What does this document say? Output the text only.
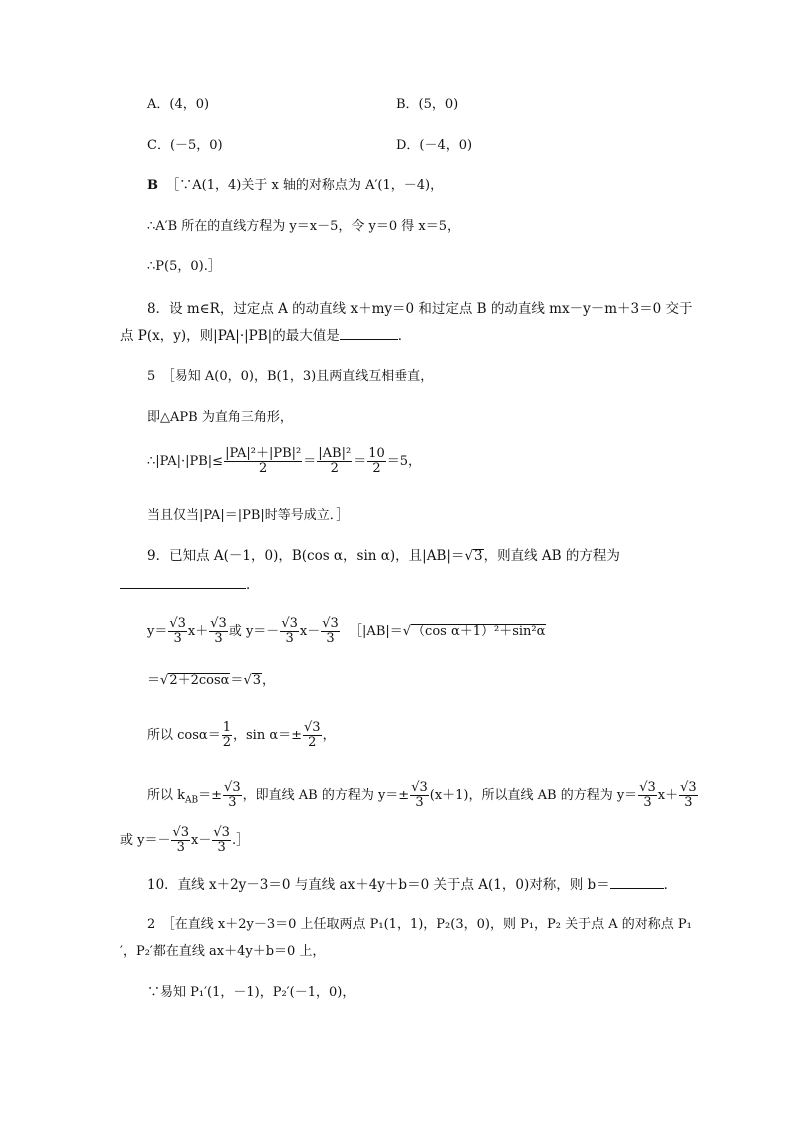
A．(4，0)	B．(5，0)
C．(－5，0)	D．(－4，0)
B ［∵A(1，4)关于 x 轴的对称点为 A′(1，－4)，
∴A′B 所在的直线方程为 y＝x－5，令 y＝0 得 x＝5，
∴P(5，0).］
8．设 m∈R，过定点 A 的动直线 x＋my＝0 和过定点 B 的动直线 mx－y－m＋3＝0 交于
点 P(x，y)，则|PA|·|PB|的最大值是	．
5　［易知 A(0，0)，B(1，3)且两直线互相垂直，
即△APB 为直角三角形，
∴|PA|·|PB|≤ $\frac{\text{|PA|²＋|PB|²}}{2} = \frac{\text{|AB|²}}{2} = \frac{10}{2} =5$，
当且仅当|PA|＝|PB|时等号成立．］
9．已知点 A(－1，0)，B(cos α，sin α)，且|AB|＝√3，则直线 AB 的方程为
．
$y= \frac{√3}{3} x+ \frac{√3}{3}$ 或 $y=- \frac{√3}{3} x- \frac{√3}{3}$ ［|AB|＝√（cos α＋1）²＋sin²α
＝√2＋2cosα＝√3，
所以 $\cos\alpha= \frac{1}{2}$ ，$\sin \alpha=\pm \frac{√3}{2}$ ，
所以 $k_{AB}=\pm \frac{√3}{3}$ ，即直线 AB 的方程为 $y=\pm \frac{√3}{3} (x+1)$，所以直线 AB 的方程为 $y= \frac{√3}{3} x+ \frac{√3}{3}$
或 $y=- \frac{√3}{3} x- \frac{√3}{3}$ .］
10．直线 x＋2y－3＝0 与直线 ax＋4y＋b＝0 关于点 A(1，0)对称，则 b＝	．
2　［在直线 x＋2y－3＝0 上任取两点 P₁(1，1)，P₂(3，0)，则 P₁，P₂ 关于点 A 的对称点 P₁
′，P₂′都在直线 ax＋4y＋b＝0 上，
∵易知 P₁′(1，－1)，P₂′(－1，0)，
